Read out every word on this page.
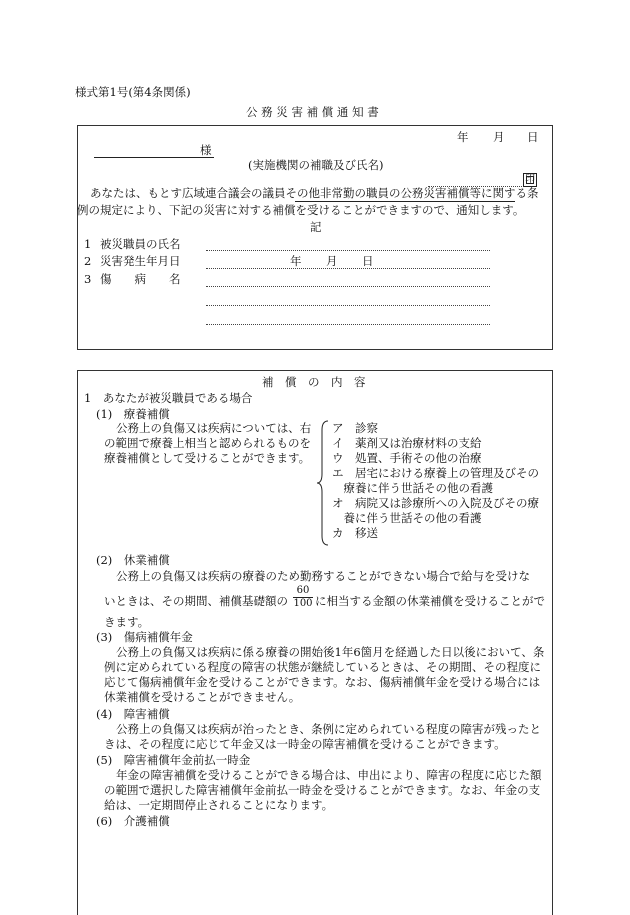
様式第1号(第4条関係)
公 務 災 害 補 償 通 知 書
年 月 日
様
(実施機関の補職及び氏名)
印
あなたは、もとす広域連合議会の議員その他非常勤の職員の公務災害補償等に関する条
例の規定により、下記の災害に対する補償を受けることができますので、通知します。
記
1 被災職員の氏名
2 災害発生年月日	年 月 日
3 傷　　病　　名
補　償　の　内　容
1　あなたが被災職員である場合
(1)　療養補償
公務上の負傷又は疾病については、右
の範囲で療養上相当と認められるものを
療養補償として受けることができます。
ア　診察
イ　薬剤又は治療材料の支給
ウ　処置、手術その他の治療
エ　居宅における療養上の管理及びその
　療養に伴う世話その他の看護
オ　病院又は診療所への入院及びその療
　養に伴う世話その他の看護
カ　移送
(2)　休業補償
公務上の負傷又は疾病の療養のため勤務することができない場合で給与を受けな
いときは、その期間、補償基礎額の
60
100 に相当する金額の休業補償を受けることがで
きます。
(3)　傷病補償年金
公務上の負傷又は疾病に係る療養の開始後1年6箇月を経過した日以後において、条
例に定められている程度の障害の状態が継続しているときは、その期間、その程度に
応じて傷病補償年金を受けることができます。なお、傷病補償年金を受ける場合には
休業補償を受けることができません。
(4)　障害補償
公務上の負傷又は疾病が治ったとき、条例に定められている程度の障害が残ったと
きは、その程度に応じて年金又は一時金の障害補償を受けることができます。
(5)　障害補償年金前払一時金
年金の障害補償を受けることができる場合は、申出により、障害の程度に応じた額
の範囲で選択した障害補償年金前払一時金を受けることができます。なお、年金の支
給は、一定期間停止されることになります。
(6)　介護補償
